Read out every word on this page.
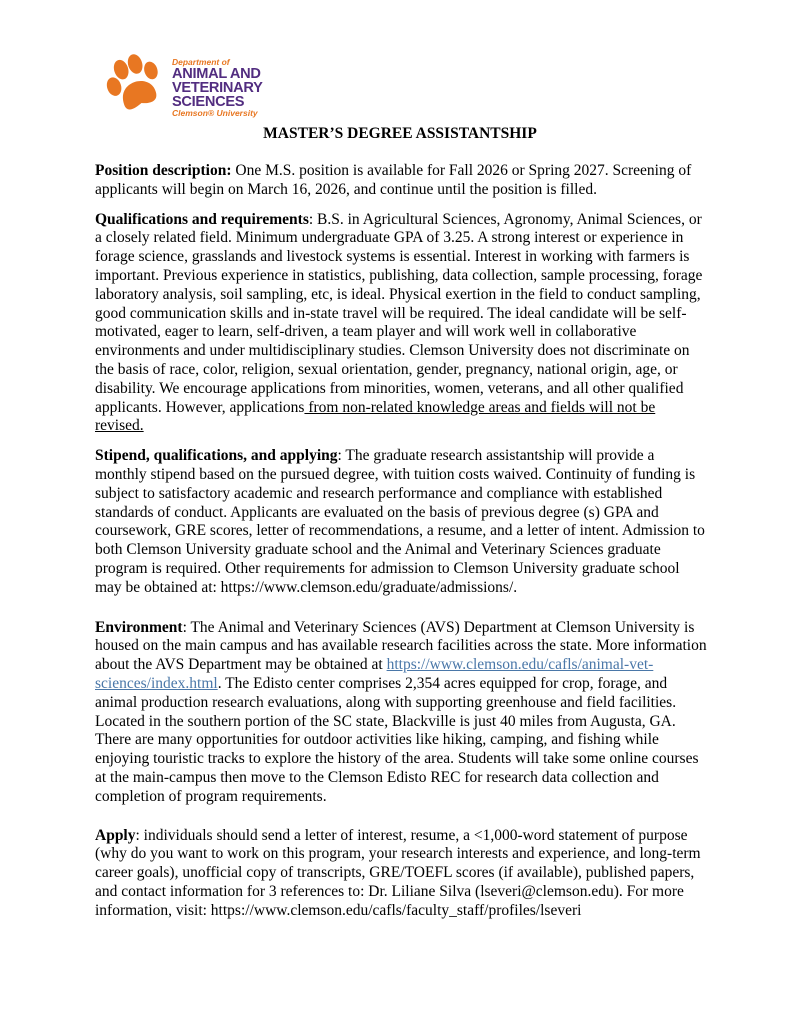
Department of
ANIMAL AND
VETERINARY SCIENCES
Clemson® University
MASTER’S DEGREE ASSISTANTSHIP

Position description: One M.S. position is available for Fall 2026 or Spring 2027. Screening of applicants will begin on March 16, 2026, and continue until the position is filled.

Qualifications and requirements: B.S. in Agricultural Sciences, Agronomy, Animal Sciences, or a closely related field. Minimum undergraduate GPA of 3.25. A strong interest or experience in forage science, grasslands and livestock systems is essential. Interest in working with farmers is important. Previous experience in statistics, publishing, data collection, sample processing, forage laboratory analysis, soil sampling, etc, is ideal. Physical exertion in the field to conduct sampling, good communication skills and in-state travel will be required. The ideal candidate will be self-motivated, eager to learn, self-driven, a team player and will work well in collaborative environments and under multidisciplinary studies. Clemson University does not discriminate on the basis of race, color, religion, sexual orientation, gender, pregnancy, national origin, age, or disability. We encourage applications from minorities, women, veterans, and all other qualified applicants. However, applications from non-related knowledge areas and fields will not be revised.

Stipend, qualifications, and applying: The graduate research assistantship will provide a monthly stipend based on the pursued degree, with tuition costs waived. Continuity of funding is subject to satisfactory academic and research performance and compliance with established standards of conduct. Applicants are evaluated on the basis of previous degree (s) GPA and coursework, GRE scores, letter of recommendations, a resume, and a letter of intent. Admission to both Clemson University graduate school and the Animal and Veterinary Sciences graduate program is required. Other requirements for admission to Clemson University graduate school may be obtained at: https://www.clemson.edu/graduate/admissions/.

Environment: The Animal and Veterinary Sciences (AVS) Department at Clemson University is housed on the main campus and has available research facilities across the state. More information about the AVS Department may be obtained at https://www.clemson.edu/cafls/animal-vet-sciences/index.html. The Edisto center comprises 2,354 acres equipped for crop, forage, and animal production research evaluations, along with supporting greenhouse and field facilities. Located in the southern portion of the SC state, Blackville is just 40 miles from Augusta, GA. There are many opportunities for outdoor activities like hiking, camping, and fishing while enjoying touristic tracks to explore the history of the area. Students will take some online courses at the main-campus then move to the Clemson Edisto REC for research data collection and completion of program requirements.

Apply: individuals should send a letter of interest, resume, a <1,000-word statement of purpose (why do you want to work on this program, your research interests and experience, and long-term career goals), unofficial copy of transcripts, GRE/TOEFL scores (if available), published papers, and contact information for 3 references to: Dr. Liliane Silva (lseveri@clemson.edu). For more information, visit: https://www.clemson.edu/cafls/faculty_staff/profiles/lseveri
